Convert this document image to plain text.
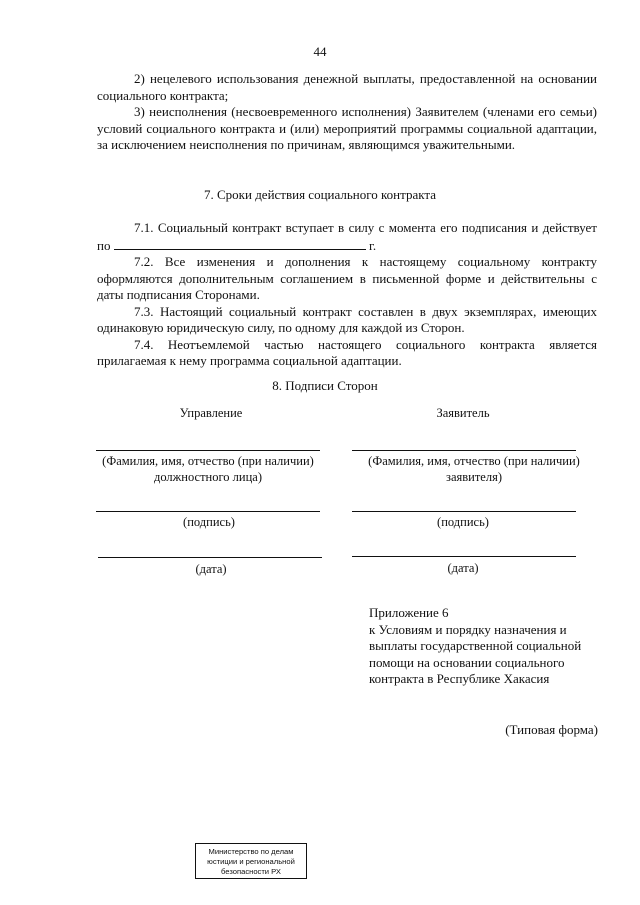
44

2) нецелевого использования денежной выплаты, предоставленной на основании социального контракта;

3) неисполнения (несвоевременного исполнения) Заявителем (членами его семьи) условий социального контракта и (или) мероприятий программы социальной адаптации, за исключением неисполнения по причинам, являющимся уважительными.

7. Сроки действия социального контракта

7.1. Социальный контракт вступает в силу с момента его подписания и действует по	г.

7.2. Все изменения и дополнения к настоящему социальному контракту оформляются дополнительным соглашением в письменной форме и действительны с даты подписания Сторонами.

7.3. Настоящий социальный контракт составлен в двух экземплярах, имеющих одинаковую юридическую силу, по одному для каждой из Сторон.

7.4. Неотъемлемой частью настоящего социального контракта является прилагаемая к нему программа социальной адаптации.

8. Подписи Сторон
Управление
(Фамилия, имя, отчество (при наличии) должностного лица)
(подпись)
(дата)
Заявитель
(Фамилия, имя, отчество (при наличии) заявителя)
(подпись)
(дата)
Приложение 6
к Условиям и порядку назначения и выплаты государственной социальной помощи на основании социального контракта в Республике Хакасия
(Типовая форма)
Министерство по делам
юстиции и региональной
безопасности РХ
